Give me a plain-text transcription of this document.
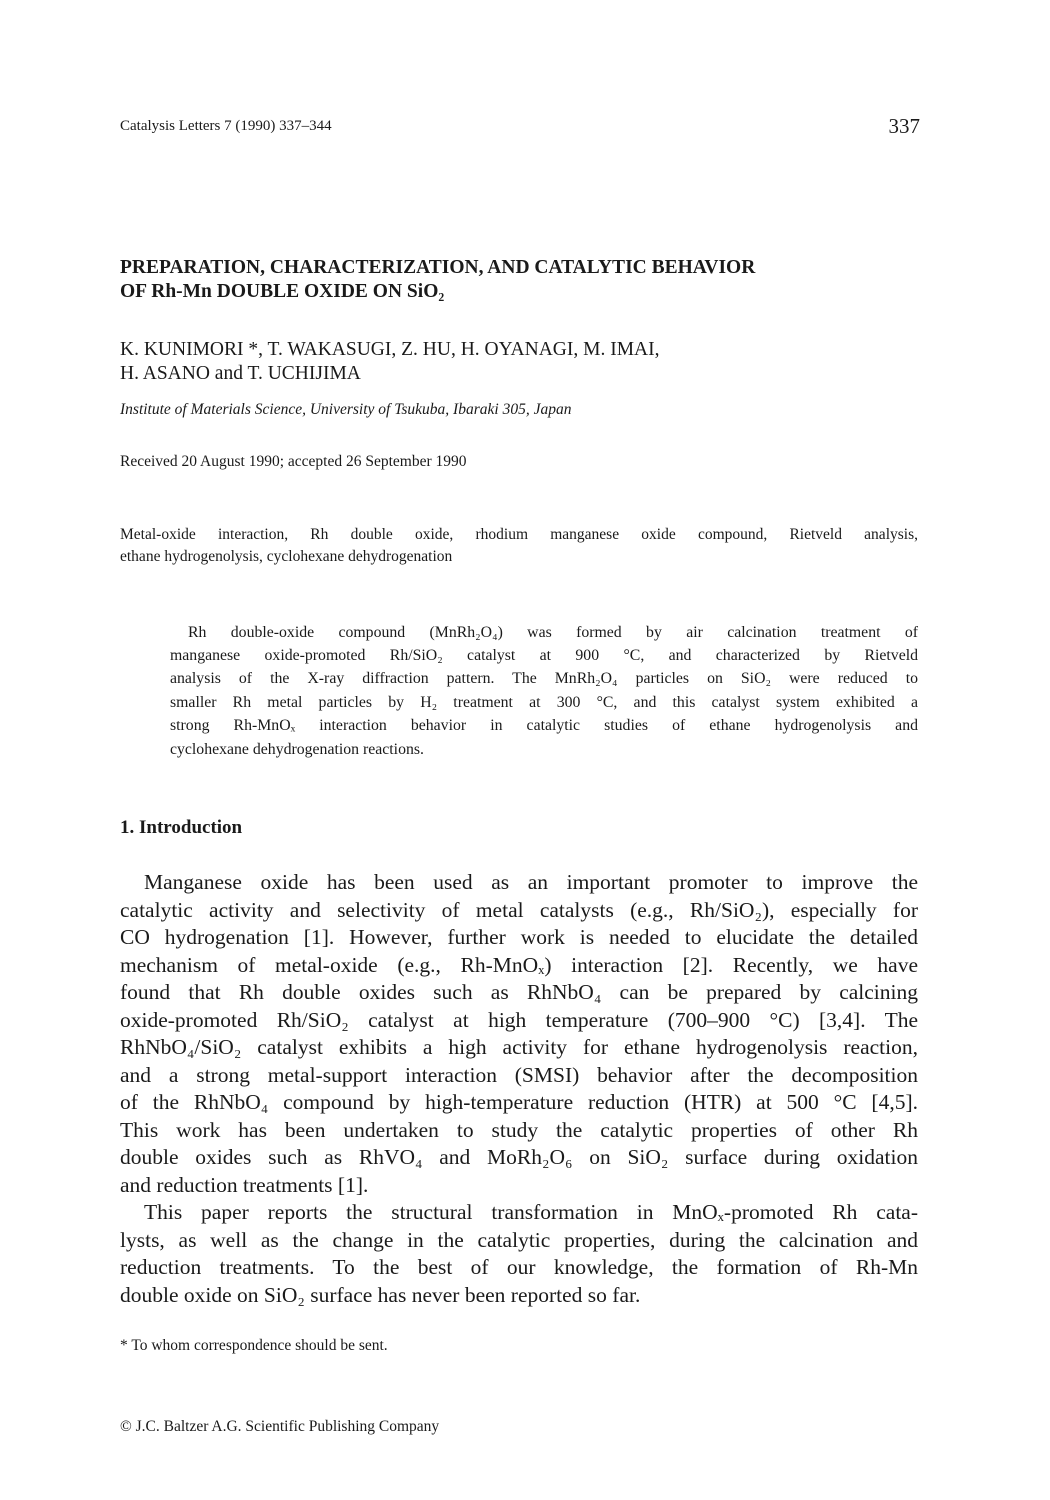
Catalysis Letters 7 (1990) 337–344	337
PREPARATION, CHARACTERIZATION, AND CATALYTIC BEHAVIOR
OF Rh-Mn DOUBLE OXIDE ON SiO₂
K. KUNIMORI *, T. WAKASUGI, Z. HU, H. OYANAGI, M. IMAI,
H. ASANO and T. UCHIJIMA
Institute of Materials Science, University of Tsukuba, Ibaraki 305, Japan
Received 20 August 1990; accepted 26 September 1990
Metal-oxide interaction, Rh double oxide, rhodium manganese oxide compound, Rietveld analysis,
ethane hydrogenolysis, cyclohexane dehydrogenation
Rh double-oxide compound (MnRh₂O₄) was formed by air calcination treatment of
manganese oxide-promoted Rh/SiO₂ catalyst at 900 °C, and characterized by Rietveld
analysis of the X-ray diffraction pattern. The MnRh₂O₄ particles on SiO₂ were reduced to
smaller Rh metal particles by H₂ treatment at 300 °C, and this catalyst system exhibited a
strong Rh-MnOₓ interaction behavior in catalytic studies of ethane hydrogenolysis and
cyclohexane dehydrogenation reactions.
1. Introduction
Manganese oxide has been used as an important promoter to improve the
catalytic activity and selectivity of metal catalysts (e.g., Rh/SiO₂), especially for
CO hydrogenation [1]. However, further work is needed to elucidate the detailed
mechanism of metal-oxide (e.g., Rh-MnOₓ) interaction [2]. Recently, we have
found that Rh double oxides such as RhNbO₄ can be prepared by calcining
oxide-promoted Rh/SiO₂ catalyst at high temperature (700–900 °C) [3,4]. The
RhNbO₄/SiO₂ catalyst exhibits a high activity for ethane hydrogenolysis reaction,
and a strong metal-support interaction (SMSI) behavior after the decomposition
of the RhNbO₄ compound by high-temperature reduction (HTR) at 500 °C [4,5].
This work has been undertaken to study the catalytic properties of other Rh
double oxides such as RhVO₄ and MoRh₂O₆ on SiO₂ surface during oxidation
and reduction treatments [1].
This paper reports the structural transformation in MnOₓ-promoted Rh cata-
lysts, as well as the change in the catalytic properties, during the calcination and
reduction treatments. To the best of our knowledge, the formation of Rh-Mn
double oxide on SiO₂ surface has never been reported so far.
* To whom correspondence should be sent.
© J.C. Baltzer A.G. Scientific Publishing Company
